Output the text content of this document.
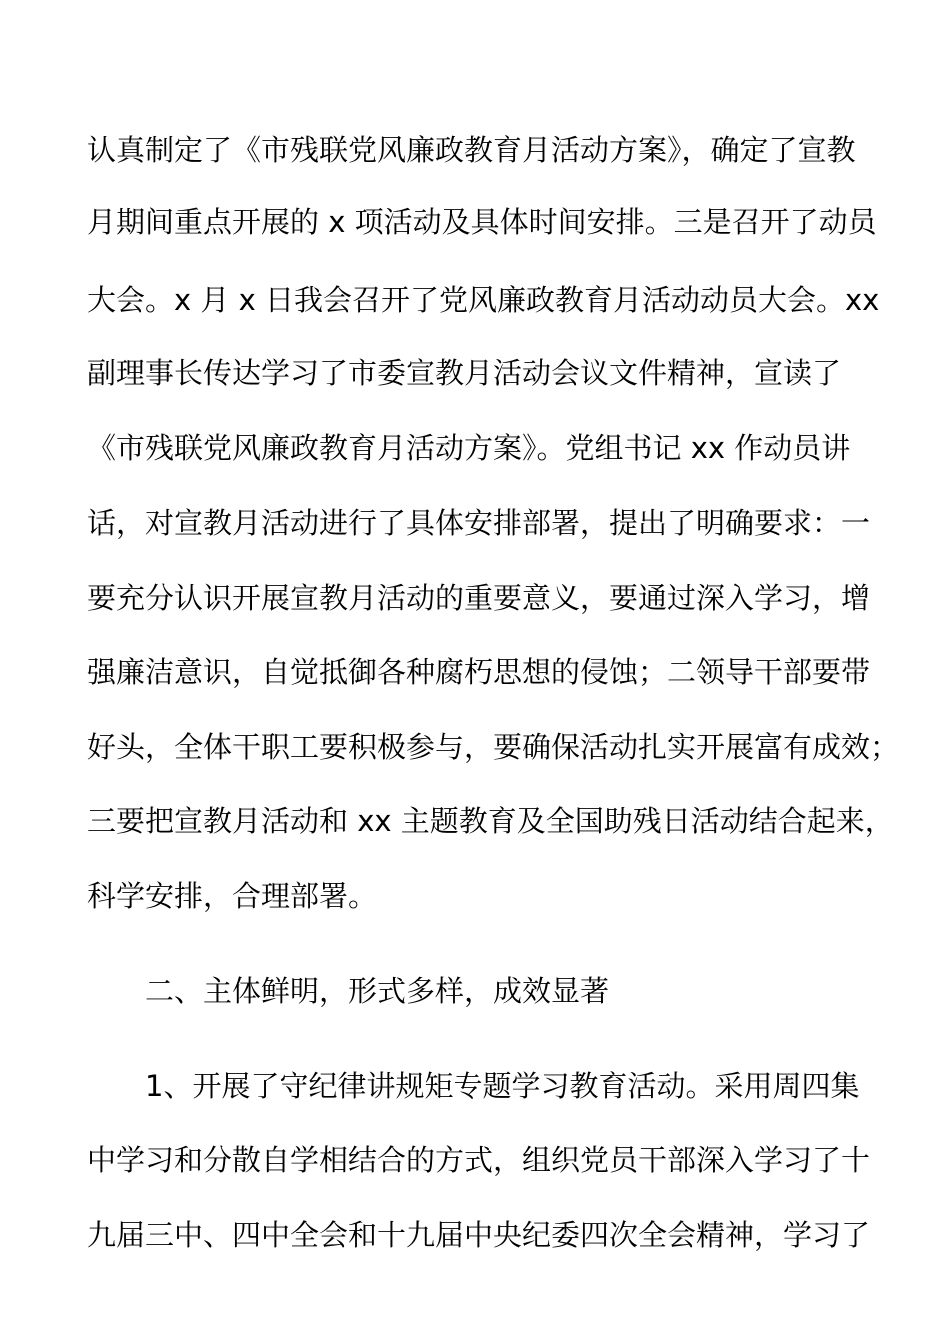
认真制定了《市残联党风廉政教育月活动方案》，确定了宣教
月期间重点开展的 x 项活动及具体时间安排。三是召开了动员
大会。x 月 x 日我会召开了党风廉政教育月活动动员大会。xx
副理事长传达学习了市委宣教月活动会议文件精神，宣读了
《市残联党风廉政教育月活动方案》。党组书记 xx 作动员讲
话，对宣教月活动进行了具体安排部署，提出了明确要求：一
要充分认识开展宣教月活动的重要意义，要通过深入学习，增
强廉洁意识，自觉抵御各种腐朽思想的侵蚀；二领导干部要带
好头，全体干职工要积极参与，要确保活动扎实开展富有成效；
三要把宣教月活动和 xx 主题教育及全国助残日活动结合起来，
科学安排，合理部署。
二、主体鲜明，形式多样，成效显著
1、开展了守纪律讲规矩专题学习教育活动。采用周四集
中学习和分散自学相结合的方式，组织党员干部深入学习了十
九届三中、四中全会和十九届中央纪委四次全会精神，学习了
